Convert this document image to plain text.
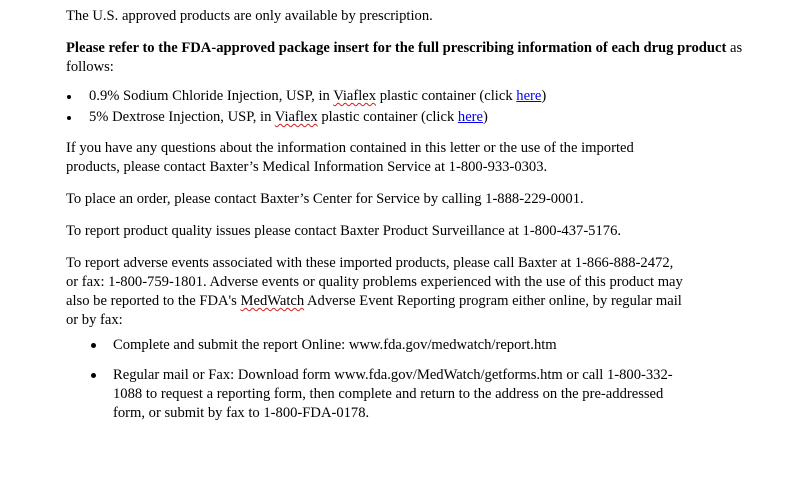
The U.S. approved products are only available by prescription.

Please refer to the FDA-approved package insert for the full prescribing information of each drug product as follows:

0.9% Sodium Chloride Injection, USP, in Viaflex plastic container (click here)
5% Dextrose Injection, USP, in Viaflex plastic container (click here)

If you have any questions about the information contained in this letter or the use of the imported
products, please contact Baxter’s Medical Information Service at 1-800-933-0303.

To place an order, please contact Baxter’s Center for Service by calling 1-888-229-0001.

To report product quality issues please contact Baxter Product Surveillance at 1-800-437-5176.

To report adverse events associated with these imported products, please call Baxter at 1-866-888-2472,
or fax: 1-800-759-1801. Adverse events or quality problems experienced with the use of this product may
also be reported to the FDA's MedWatch Adverse Event Reporting program either online, by regular mail
or by fax:

Complete and submit the report Online: www.fda.gov/medwatch/report.htm
Regular mail or Fax: Download form www.fda.gov/MedWatch/getforms.htm or call 1-800-332-
1088 to request a reporting form, then complete and return to the address on the pre-addressed
form, or submit by fax to 1-800-FDA-0178.
